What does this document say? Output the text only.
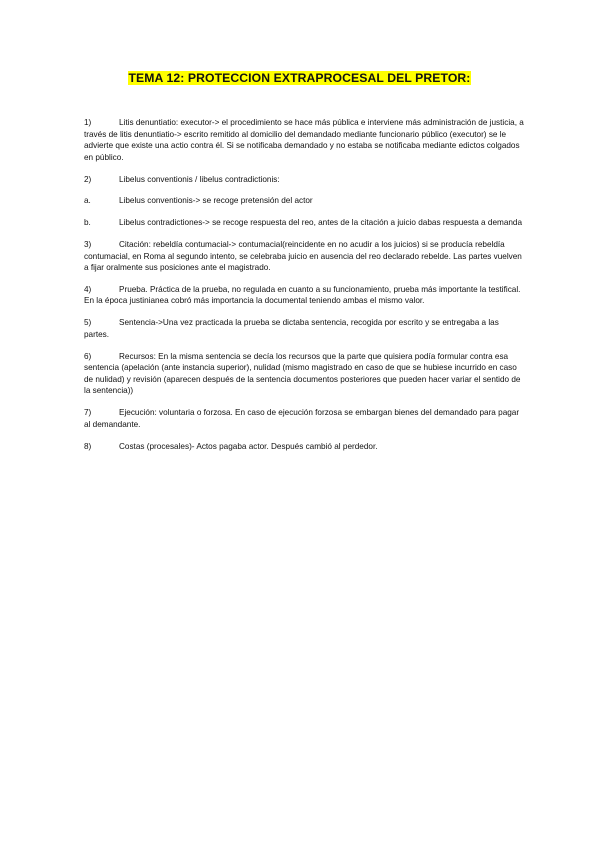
TEMA 12: PROTECCION EXTRAPROCESAL DEL PRETOR:

1)	Litis denuntiatio: executor-> el procedimiento se hace más pública e interviene más administración de justicia, a través de litis denuntiatio-> escrito remitido al domicilio del demandado mediante funcionario público (executor) se le advierte que existe una actio contra él. Si se notificaba demandado y no estaba se notificaba mediante edictos colgados en público.

2)	Libelus conventionis / libelus contradictionis:

a.	Libelus conventionis-> se recoge pretensión del actor

b.	Libelus contradictiones-> se recoge respuesta del reo, antes de la citación a juicio dabas respuesta a demanda

3)	Citación: rebeldía contumacial-> contumacial(reincidente en no acudir a los juicios) si se producía rebeldía contumacial, en Roma al segundo intento, se celebraba juicio en ausencia del reo declarado rebelde. Las partes vuelven a fijar oralmente sus posiciones ante el magistrado.

4)	Prueba. Práctica de la prueba, no regulada en cuanto a su funcionamiento, prueba más importante la testifical. En la época justinianea cobró más importancia la documental teniendo ambas el mismo valor.

5)	Sentencia->Una vez practicada la prueba se dictaba sentencia, recogida por escrito y se entregaba a las partes.

6)	Recursos: En la misma sentencia se decía los recursos que la parte que quisiera podía formular contra esa sentencia (apelación (ante instancia superior), nulidad (mismo magistrado en caso de que se hubiese incurrido en caso de nulidad) y revisión (aparecen después de la sentencia documentos posteriores que pueden hacer variar el sentido de la sentencia))

7)	Ejecución: voluntaria o forzosa. En caso de ejecución forzosa se embargan bienes del demandado para pagar al demandante.

8)	Costas (procesales)- Actos pagaba actor. Después cambió al perdedor.
